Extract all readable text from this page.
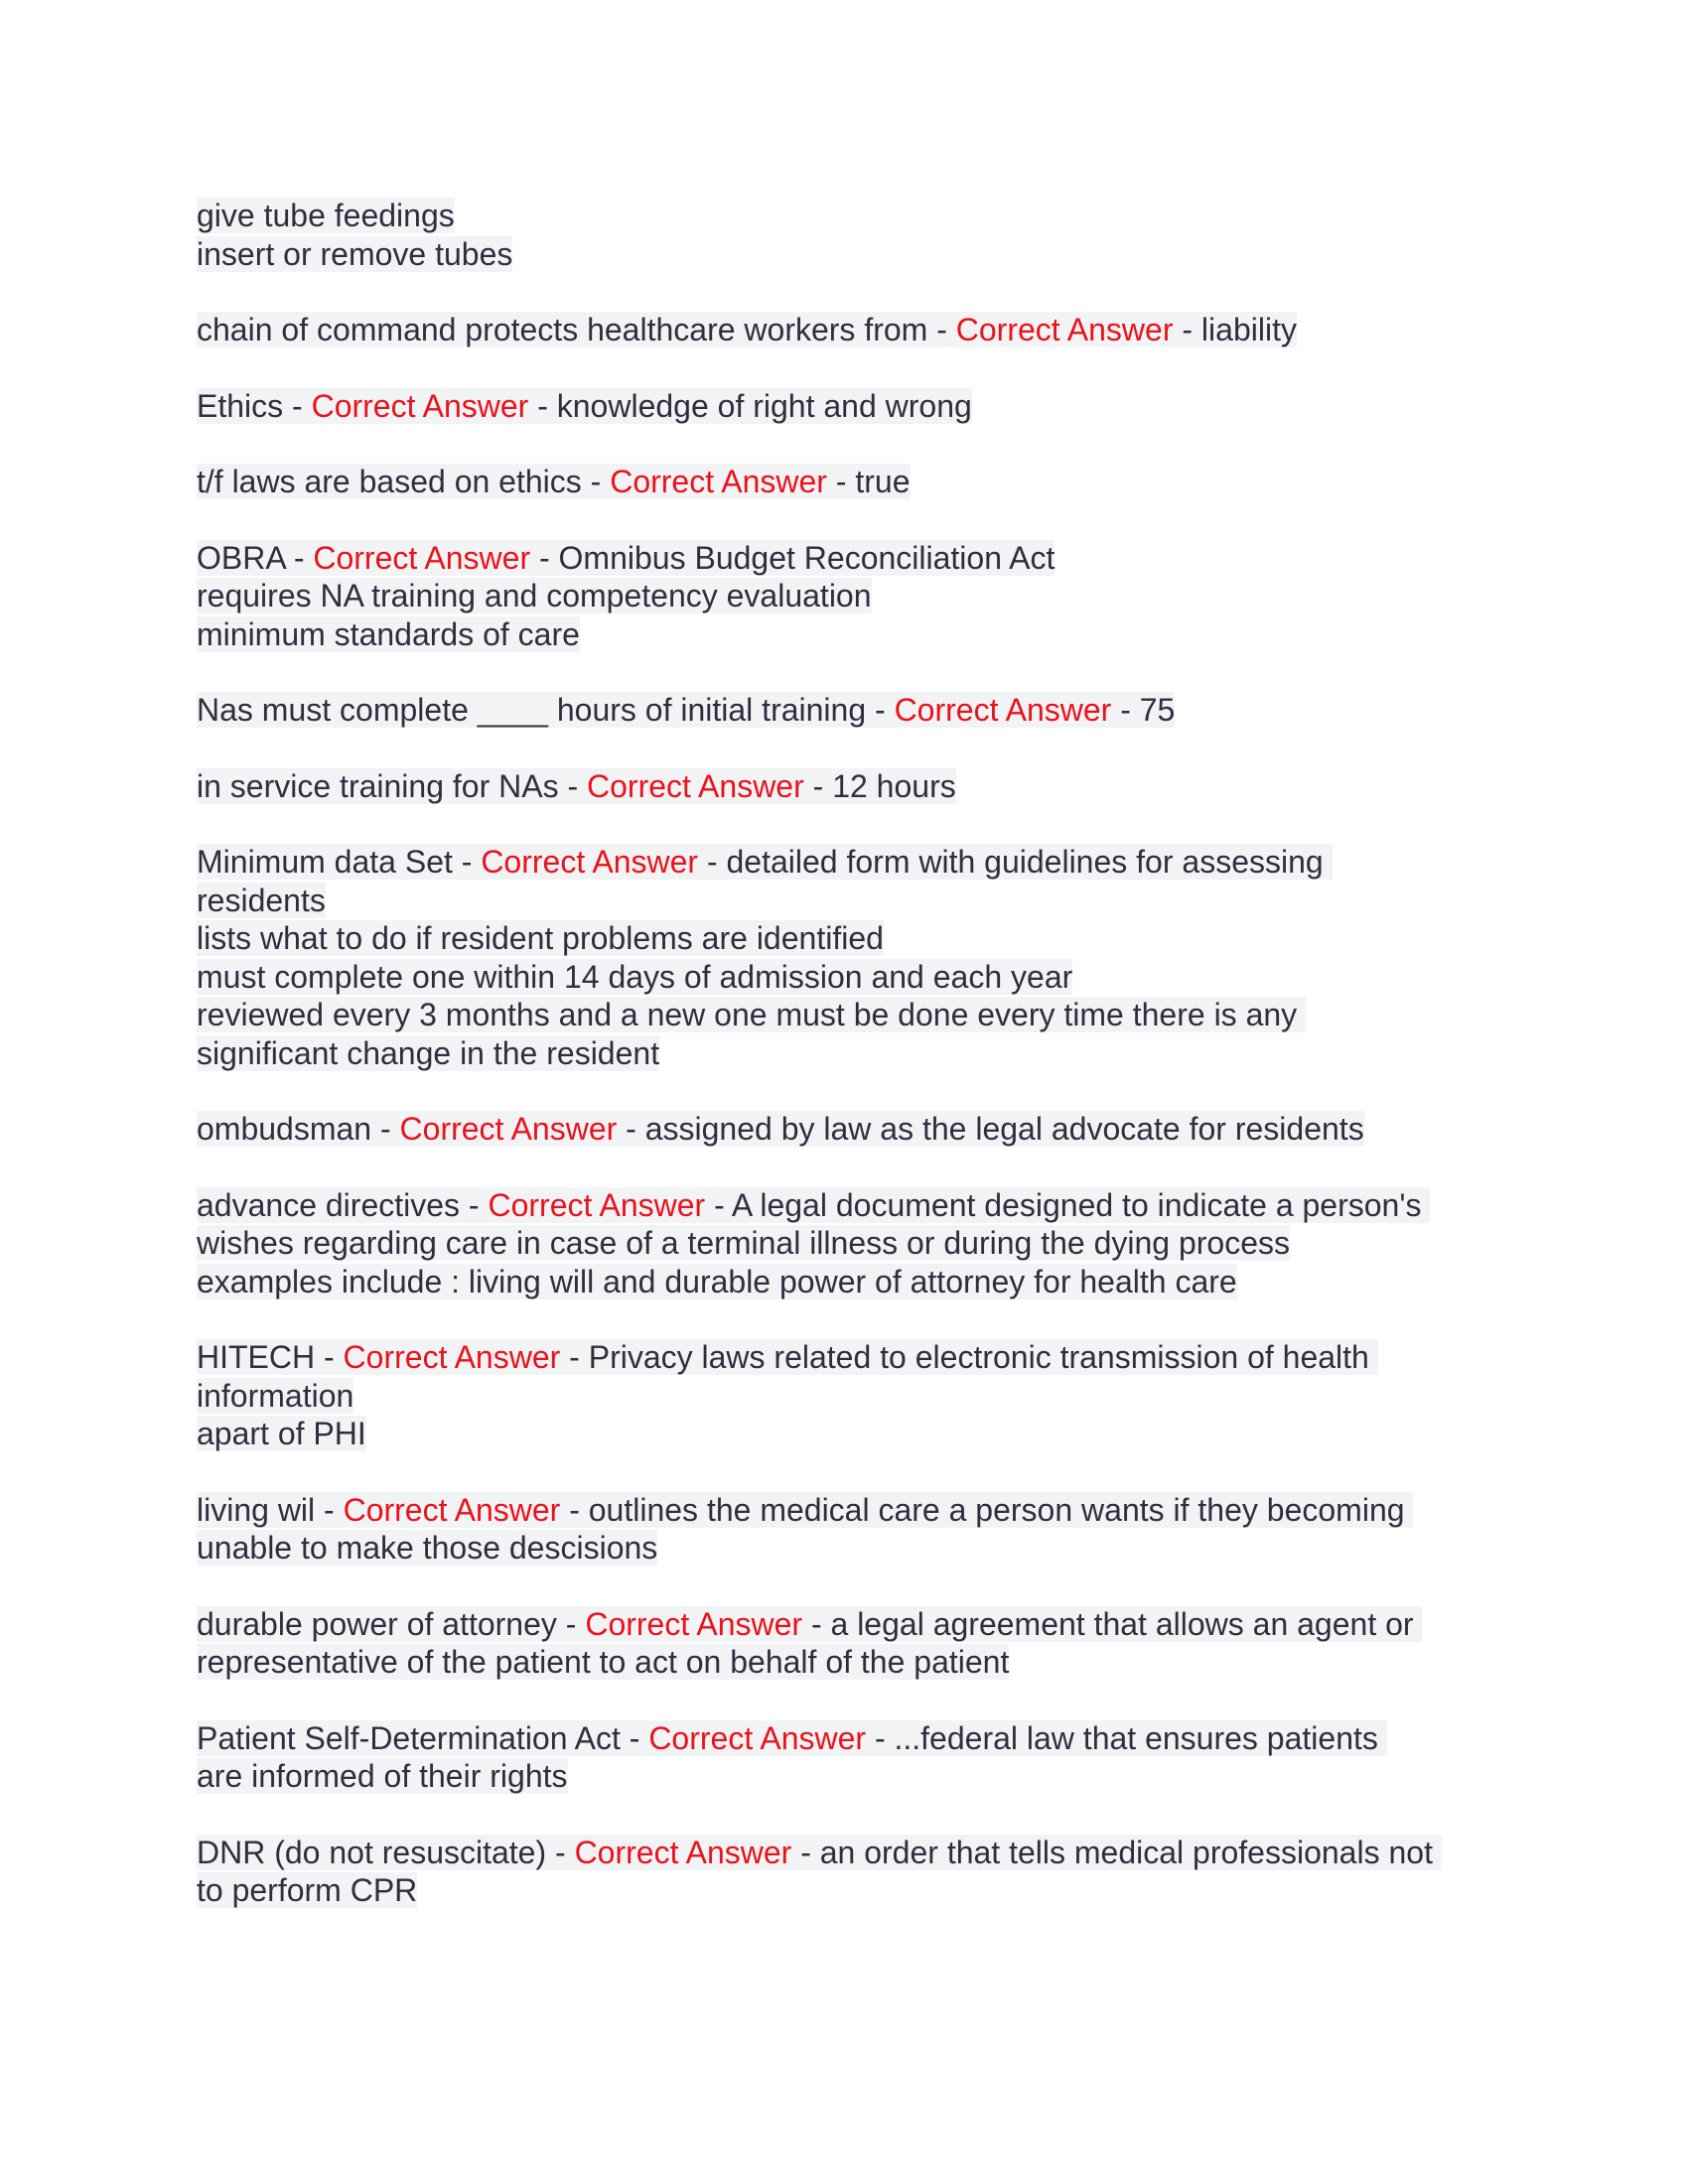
give tube feedings
insert or remove tubes
chain of command protects healthcare workers from - Correct Answer - liability
Ethics - Correct Answer - knowledge of right and wrong
t/f laws are based on ethics - Correct Answer - true
OBRA - Correct Answer - Omnibus Budget Reconciliation Act
requires NA training and competency evaluation
minimum standards of care
Nas must complete ____ hours of initial training - Correct Answer - 75
in service training for NAs - Correct Answer - 12 hours
Minimum data Set - Correct Answer - detailed form with guidelines for assessing
residents
lists what to do if resident problems are identified
must complete one within 14 days of admission and each year
reviewed every 3 months and a new one must be done every time there is any
significant change in the resident
ombudsman - Correct Answer - assigned by law as the legal advocate for residents
advance directives - Correct Answer - A legal document designed to indicate a person's
wishes regarding care in case of a terminal illness or during the dying process
examples include : living will and durable power of attorney for health care
HITECH - Correct Answer - Privacy laws related to electronic transmission of health
information
apart of PHI
living wil - Correct Answer - outlines the medical care a person wants if they becoming
unable to make those descisions
durable power of attorney - Correct Answer - a legal agreement that allows an agent or
representative of the patient to act on behalf of the patient
Patient Self-Determination Act - Correct Answer - ...federal law that ensures patients
are informed of their rights
DNR (do not resuscitate) - Correct Answer - an order that tells medical professionals not
to perform CPR
